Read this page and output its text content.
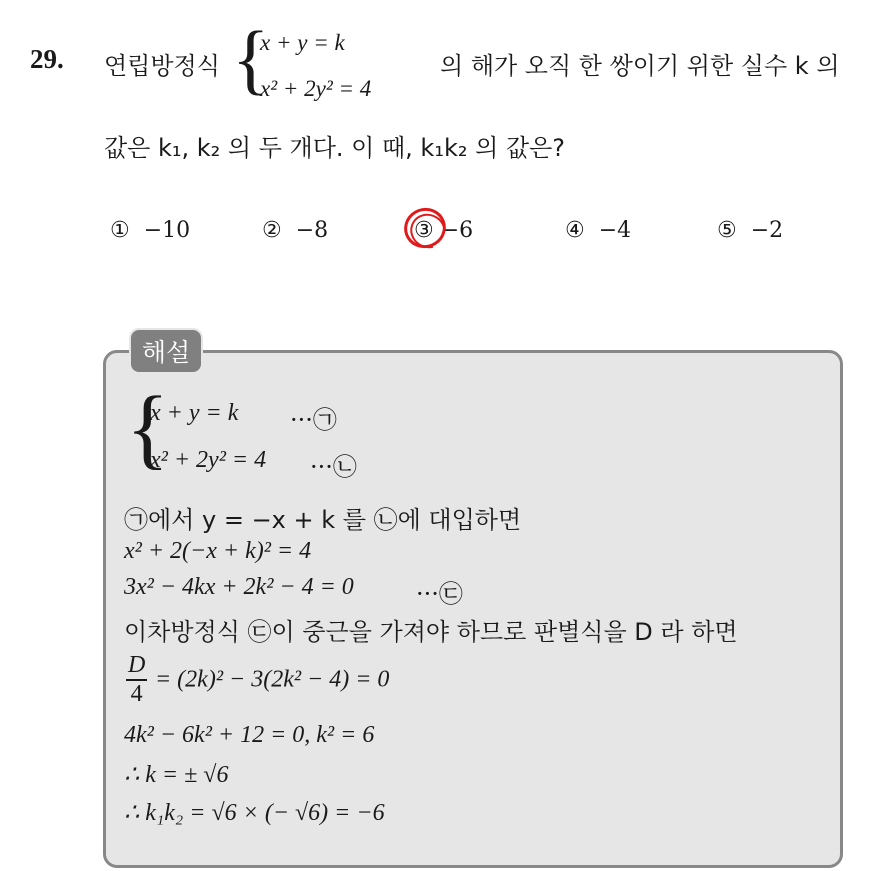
29. 연립방정식 {
x + y = k
x² + 2y² = 4
의 해가 오직 한 쌍이기 위한 실수 k 의
값은 k₁, k₂ 의 두 개다. 이 때, k₁k₂ 의 값은?
① −10	② −8	③ −6	④ −4	⑤ −2
해설
{
x + y = k ···㉠
x² + 2y² = 4 ···㉡
㉠에서 y = −x + k 를 ㉡에 대입하면
x² + 2(−x + k)² = 4
3x² − 4kx + 2k² − 4 = 0	···㉢
이차방정식 ㉢이 중근을 가져야 하므로 판별식을 D 라 하면
$\frac{D}{4} = (2k)^2 - 3(2k^2 - 4) = 0$
4k² − 6k² + 12 = 0, k² = 6
∴ k = ± √6
∴ k₁k₂ = √6 × (− √6) = −6
